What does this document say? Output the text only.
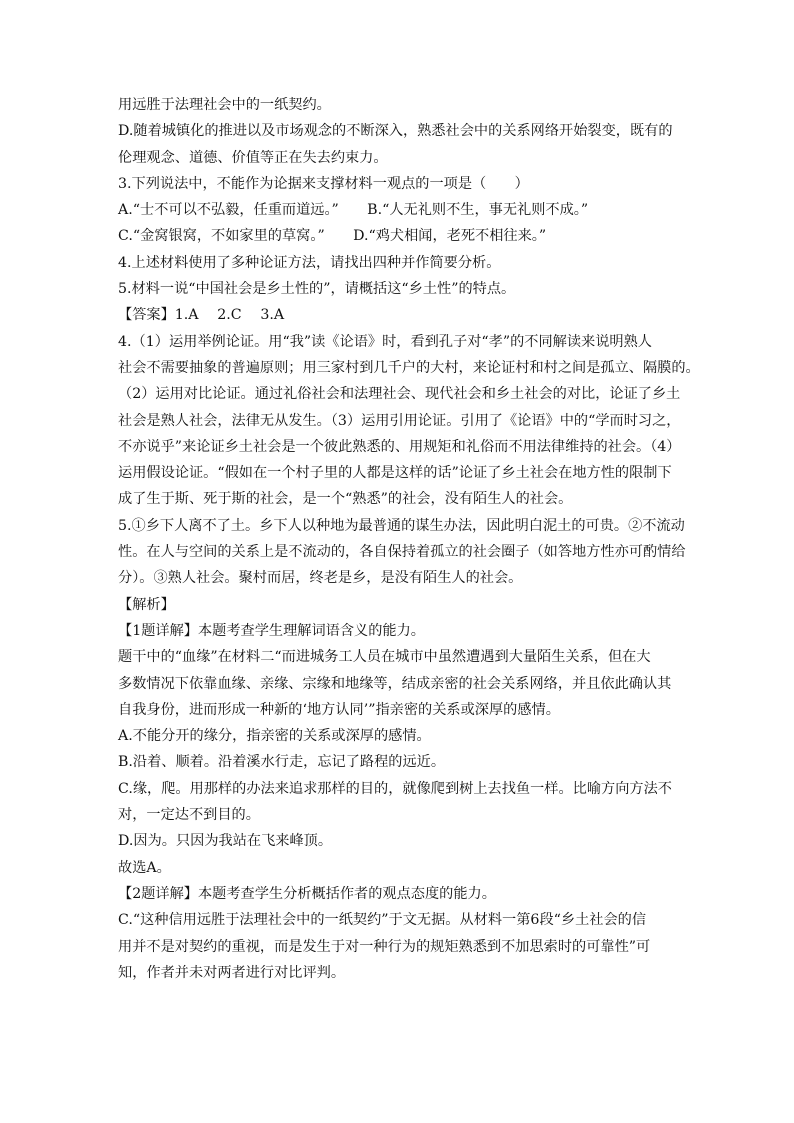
用远胜于法理社会中的一纸契约。
D.随着城镇化的推进以及市场观念的不断深入，熟悉社会中的关系网络开始裂变，既有的
伦理观念、道德、价值等正在失去约束力。
3.下列说法中，不能作为论据来支撑材料一观点的一项是（　　）
A.“士不可以不弘毅，任重而道远。”　　B.“人无礼则不生，事无礼则不成。”
C.“金窝银窝，不如家里的草窝。”　　D.“鸡犬相闻，老死不相往来。”
4.上述材料使用了多种论证方法，请找出四种并作简要分析。
5.材料一说“中国社会是乡土性的”，请概括这“乡土性”的特点。
【答案】1.A　 2.C　 3.A
4.（1）运用举例论证。用“我”读《论语》时，看到孔子对“孝”的不同解读来说明熟人
社会不需要抽象的普遍原则；用三家村到几千户的大村，来论证村和村之间是孤立、隔膜的。
（2）运用对比论证。通过礼俗社会和法理社会、现代社会和乡土社会的对比，论证了乡土
社会是熟人社会，法律无从发生。（3）运用引用论证。引用了《论语》中的“学而时习之，
不亦说乎”来论证乡土社会是一个彼此熟悉的、用规矩和礼俗而不用法律维持的社会。（4）
运用假设论证。“假如在一个村子里的人都是这样的话”论证了乡土社会在地方性的限制下
成了生于斯、死于斯的社会，是一个“熟悉”的社会，没有陌生人的社会。
5.①乡下人离不了土。乡下人以种地为最普通的谋生办法，因此明白泥土的可贵。②不流动
性。在人与空间的关系上是不流动的，各自保持着孤立的社会圈子（如答地方性亦可酌情给
分）。③熟人社会。聚村而居，终老是乡，是没有陌生人的社会。
【解析】
【1题详解】本题考查学生理解词语含义的能力。
题干中的“血缘”在材料二“而进城务工人员在城市中虽然遭遇到大量陌生关系，但在大
多数情况下依靠血缘、亲缘、宗缘和地缘等，结成亲密的社会关系网络，并且依此确认其
自我身份，进而形成一种新的‘地方认同’”指亲密的关系或深厚的感情。
A.不能分开的缘分，指亲密的关系或深厚的感情。
B.沿着、顺着。沿着溪水行走，忘记了路程的远近。
C.缘，爬。用那样的办法来追求那样的目的，就像爬到树上去找鱼一样。比喻方向方法不
对，一定达不到目的。
D.因为。只因为我站在飞来峰顶。
故选A。
【2题详解】本题考查学生分析概括作者的观点态度的能力。
C.“这种信用远胜于法理社会中的一纸契约”于文无据。从材料一第6段“乡土社会的信
用并不是对契约的重视，而是发生于对一种行为的规矩熟悉到不加思索时的可靠性”可
知，作者并未对两者进行对比评判。
